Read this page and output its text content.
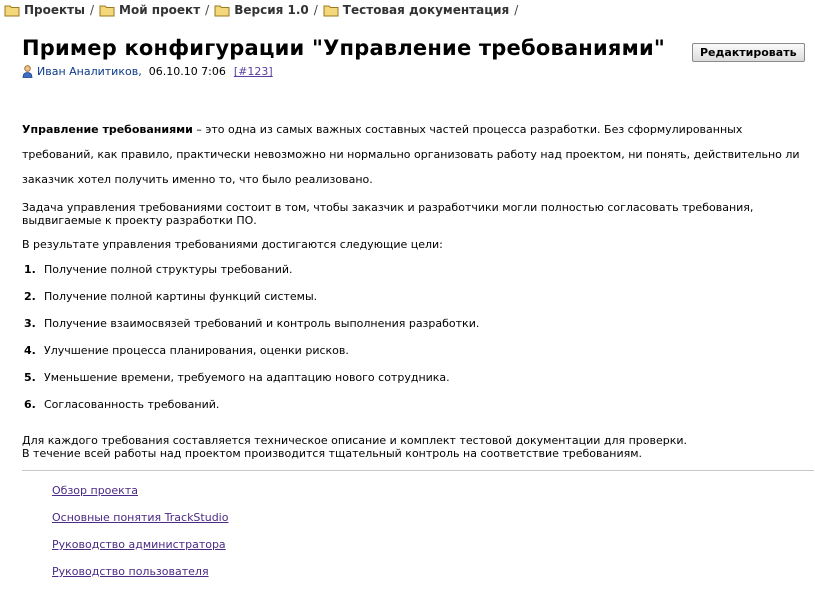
Проекты / Мой проект / Версия 1.0 / Тестовая документация /
Пример конфигурации "Управление требованиями"	Редактировать
Иван Аналитиков, 06.10.10 7:06 [#123]
Управление требованиями – это одна из самых важных составных частей процесса разработки. Без сформулированных
требований, как правило, практически невозможно ни нормально организовать работу над проектом, ни понять, действительно ли
заказчик хотел получить именно то, что было реализовано.
Задача управления требованиями состоит в том, чтобы заказчик и разработчики могли полностью согласовать требования,
выдвигаемые к проекту разработки ПО.
В результате управления требованиями достигаются следующие цели:
1. Получение полной структуры требований.
2. Получение полной картины функций системы.
3. Получение взаимосвязей требований и контроль выполнения разработки.
4. Улучшение процесса планирования, оценки рисков.
5. Уменьшение времени, требуемого на адаптацию нового сотрудника.
6. Согласованность требований.
Для каждого требования составляется техническое описание и комплект тестовой документации для проверки.
В течение всей работы над проектом производится тщательный контроль на соответствие требованиям.
Обзор проекта
Основные понятия TrackStudio
Руководство администратора
Руководство пользователя
